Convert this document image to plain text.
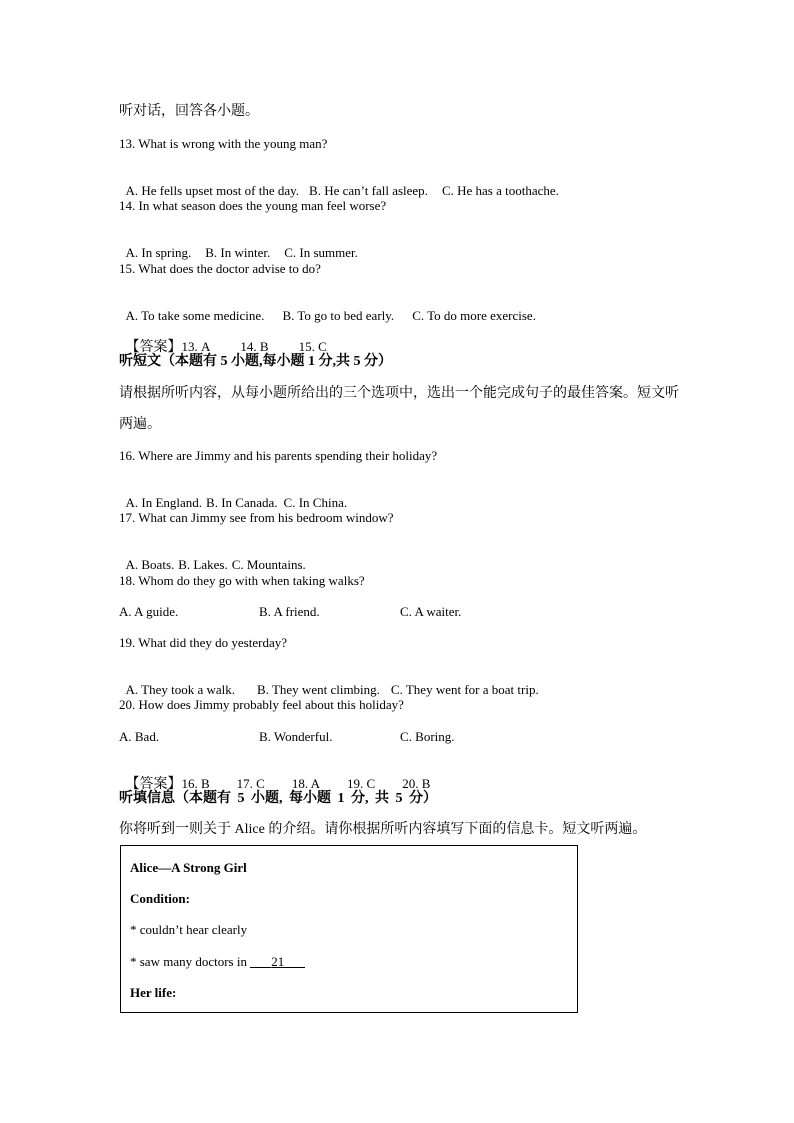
听对话，回答各小题。
13. What is wrong with the young man?

A. He fells upset most of the day. B. He can’t fall asleep. C. He has a toothache.

14. In what season does the young man feel worse?

A. In spring. B. In winter. C. In summer.

15. What does the doctor advise to do?

A. To take some medicine. B. To go to bed early. C. To do more exercise.

【答案】13. A 14. B 15. C

听短文（本题有 5 小题,每小题 1 分,共 5 分）
请根据所听内容，从每小题所给出的三个选项中，选出一个能完成句子的最佳答案。短文听
两遍。
16. Where are Jimmy and his parents spending their holiday?

A. In England. B. In Canada. C. In China.

17. What can Jimmy see from his bedroom window?

A. Boats. B. Lakes. C. Mountains.

18. Whom do they go with when taking walks?
A. A guide.	B. A friend.	C. A waiter.
19. What did they do yesterday?

A. They took a walk. B. They went climbing. C. They went for a boat trip.

20. How does Jimmy probably feel about this holiday?
A. Bad.	B. Wonderful.	C. Boring.

【答案】16. B 17. C 18. A 19. C 20. B

听填信息（本题有 5 小题, 每小题 1 分, 共 5 分）
你将听到一则关于 Alice 的介绍。请你根据所听内容填写下面的信息卡。短文听两遍。
Alice—A Strong Girl
Condition:
* couldn’t hear clearly
* saw many doctors in 21
Her life:
